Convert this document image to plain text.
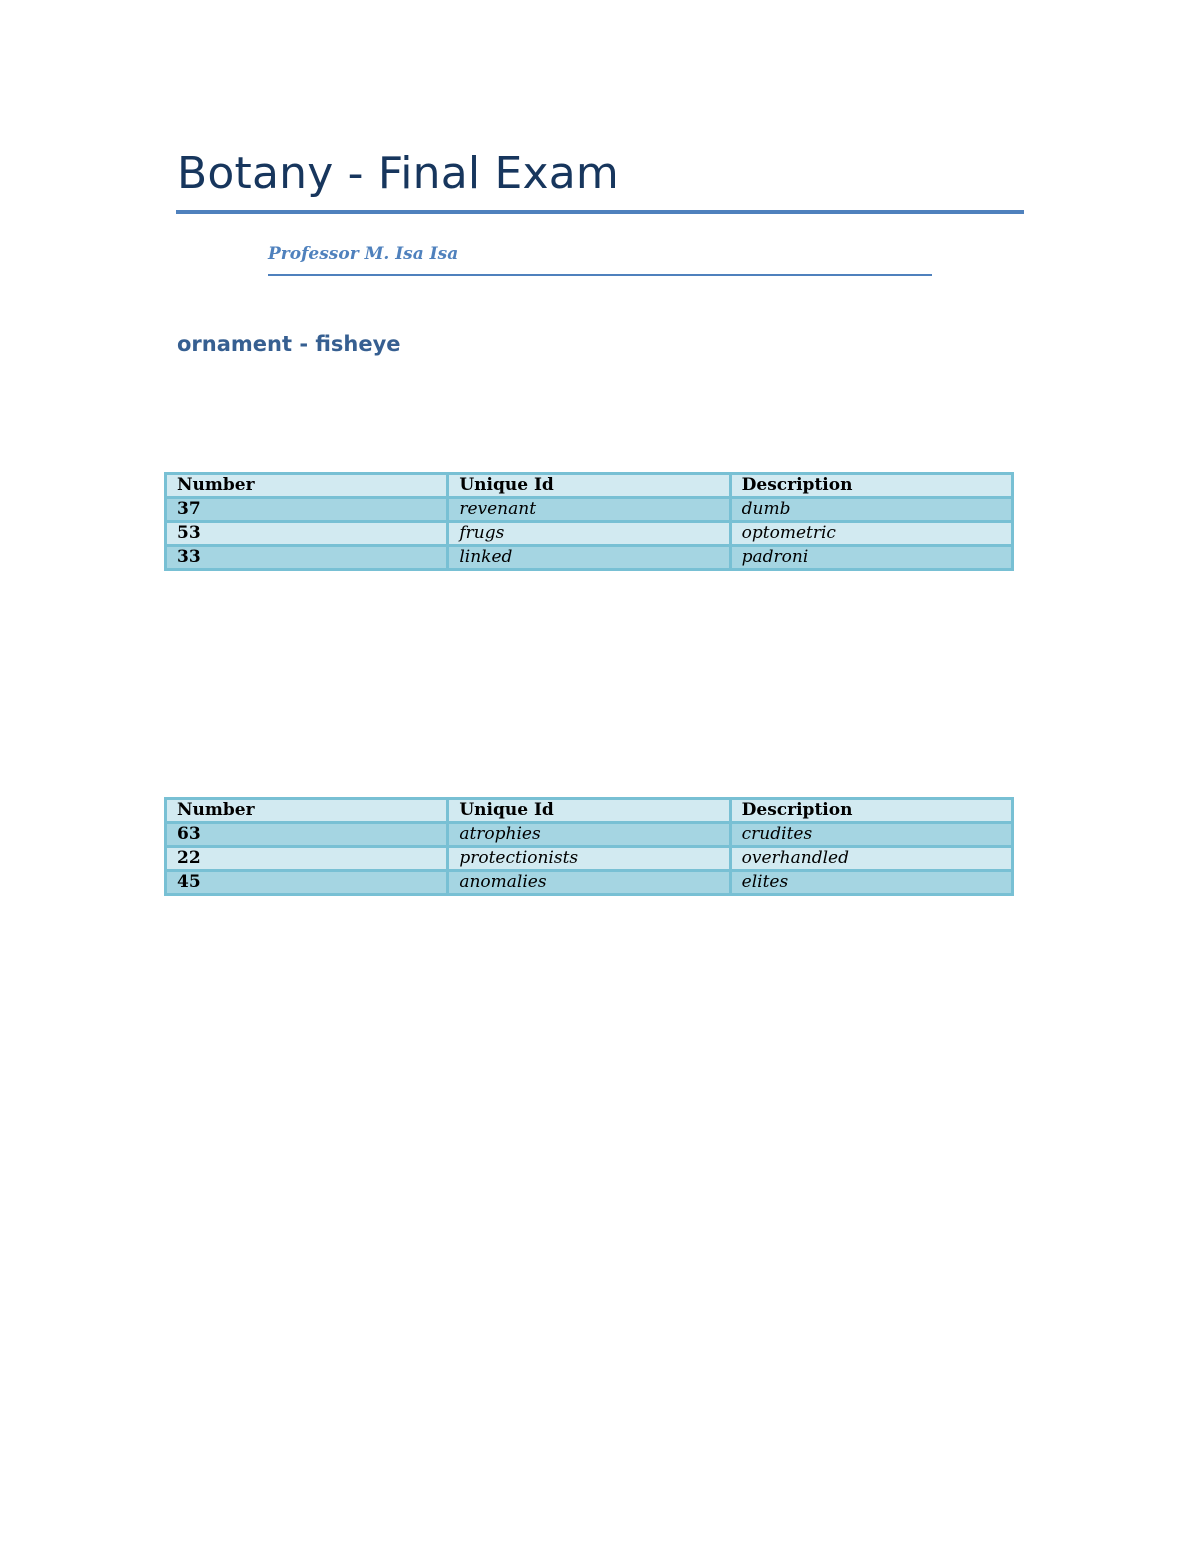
Botany - Final Exam
Professor M. Isa Isa
ornament - fisheye
Number	Unique Id	Description
37	revenant	dumb
53	frugs	optometric
33	linked	padroni
Number	Unique Id	Description
63	atrophies	crudites
22	protectionists	overhandled
45	anomalies	elites
